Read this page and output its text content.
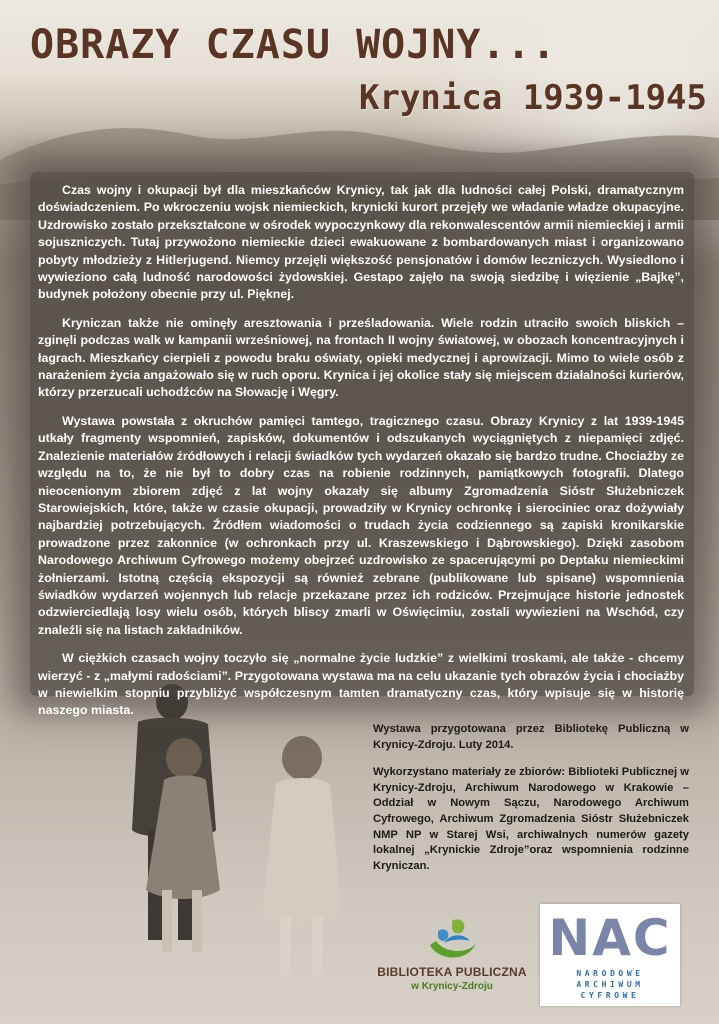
OBRAZY CZASU WOJNY...
Krynica 1939-1945

Czas wojny i okupacji był dla mieszkańców Krynicy, tak jak dla ludności całej Polski, dramatycznym doświadczeniem. Po wkroczeniu wojsk niemieckich, krynicki kurort przejęły we władanie władze okupacyjne. Uzdrowisko zostało przekształcone w ośrodek wypoczynkowy dla rekonwalescentów armii niemieckiej i armii sojuszniczych. Tutaj przywożono niemieckie dzieci ewakuowane z bombardowanych miast i organizowano pobyty młodzieży z Hitlerjugend. Niemcy przejęli większość pensjonatów i domów leczniczych. Wysiedlono i wywieziono całą ludność narodowości żydowskiej. Gestapo zajęło na swoją siedzibę i więzienie „Bajkę”, budynek położony obecnie przy ul. Pięknej.

Kryniczan także nie ominęły aresztowania i prześladowania. Wiele rodzin utraciło swoich bliskich – zginęli podczas walk w kampanii wrześniowej, na frontach II wojny światowej, w obozach koncentracyjnych i łagrach. Mieszkańcy cierpieli z powodu braku oświaty, opieki medycznej i aprowizacji. Mimo to wiele osób z narażeniem życia angażowało się w ruch oporu. Krynica i jej okolice stały się miejscem działalności kurierów, którzy przerzucali uchodźców na Słowację i Węgry.

Wystawa powstała z okruchów pamięci tamtego, tragicznego czasu. Obrazy Krynicy z lat 1939-1945 utkały fragmenty wspomnień, zapisków, dokumentów i odszukanych wyciągniętych z niepamięci zdjęć. Znalezienie materiałów źródłowych i relacji świadków tych wydarzeń okazało się bardzo trudne. Chociażby ze względu na to, że nie był to dobry czas na robienie rodzinnych, pamiątkowych fotografii. Dlatego nieocenionym zbiorem zdjęć z lat wojny okazały się albumy Zgromadzenia Sióstr Służebniczek Starowiejskich, które, także w czasie okupacji, prowadziły w Krynicy ochronkę i sierociniec oraz dożywiały najbardziej potrzebujących. Źródłem wiadomości o trudach życia codziennego są zapiski kronikarskie prowadzone przez zakonnice (w ochronkach przy ul. Kraszewskiego i Dąbrowskiego). Dzięki zasobom Narodowego Archiwum Cyfrowego możemy obejrzeć uzdrowisko ze spacerującymi po Deptaku niemieckimi żołnierzami. Istotną częścią ekspozycji są również zebrane (publikowane lub spisane) wspomnienia świadków wydarzeń wojennych lub relacje przekazane przez ich rodziców. Przejmujące historie jednostek odzwierciedlają losy wielu osób, których bliscy zmarli w Oświęcimiu, zostali wywiezieni na Wschód, czy znaleźli się na listach zakładników.

W ciężkich czasach wojny toczyło się „normalne życie ludzkie” z wielkimi troskami, ale także - chcemy wierzyć - z „małymi radościami”. Przygotowana wystawa ma na celu ukazanie tych obrazów życia i chociażby w niewielkim stopniu przybliżyć współczesnym tamten dramatyczny czas, który wpisuje się w historię naszego miasta.

Wystawa przygotowana przez Bibliotekę Publiczną w Krynicy-Zdroju. Luty 2014.

Wykorzystano materiały ze zbiorów: Biblioteki Publicznej w Krynicy-Zdroju, Archiwum Narodowego w Krakowie – Oddział w Nowym Sączu, Narodowego Archiwum Cyfrowego, Archiwum Zgromadzenia Sióstr Służebniczek NMP NP w Starej Wsi, archiwalnych numerów gazety lokalnej „Krynickie Zdroje”oraz wspomnienia rodzinne Kryniczan.

BIBLIOTEKA PUBLICZNA
w Krynicy-Zdroju
NAC
NARODOWE
ARCHIWUM
CYFROWE
